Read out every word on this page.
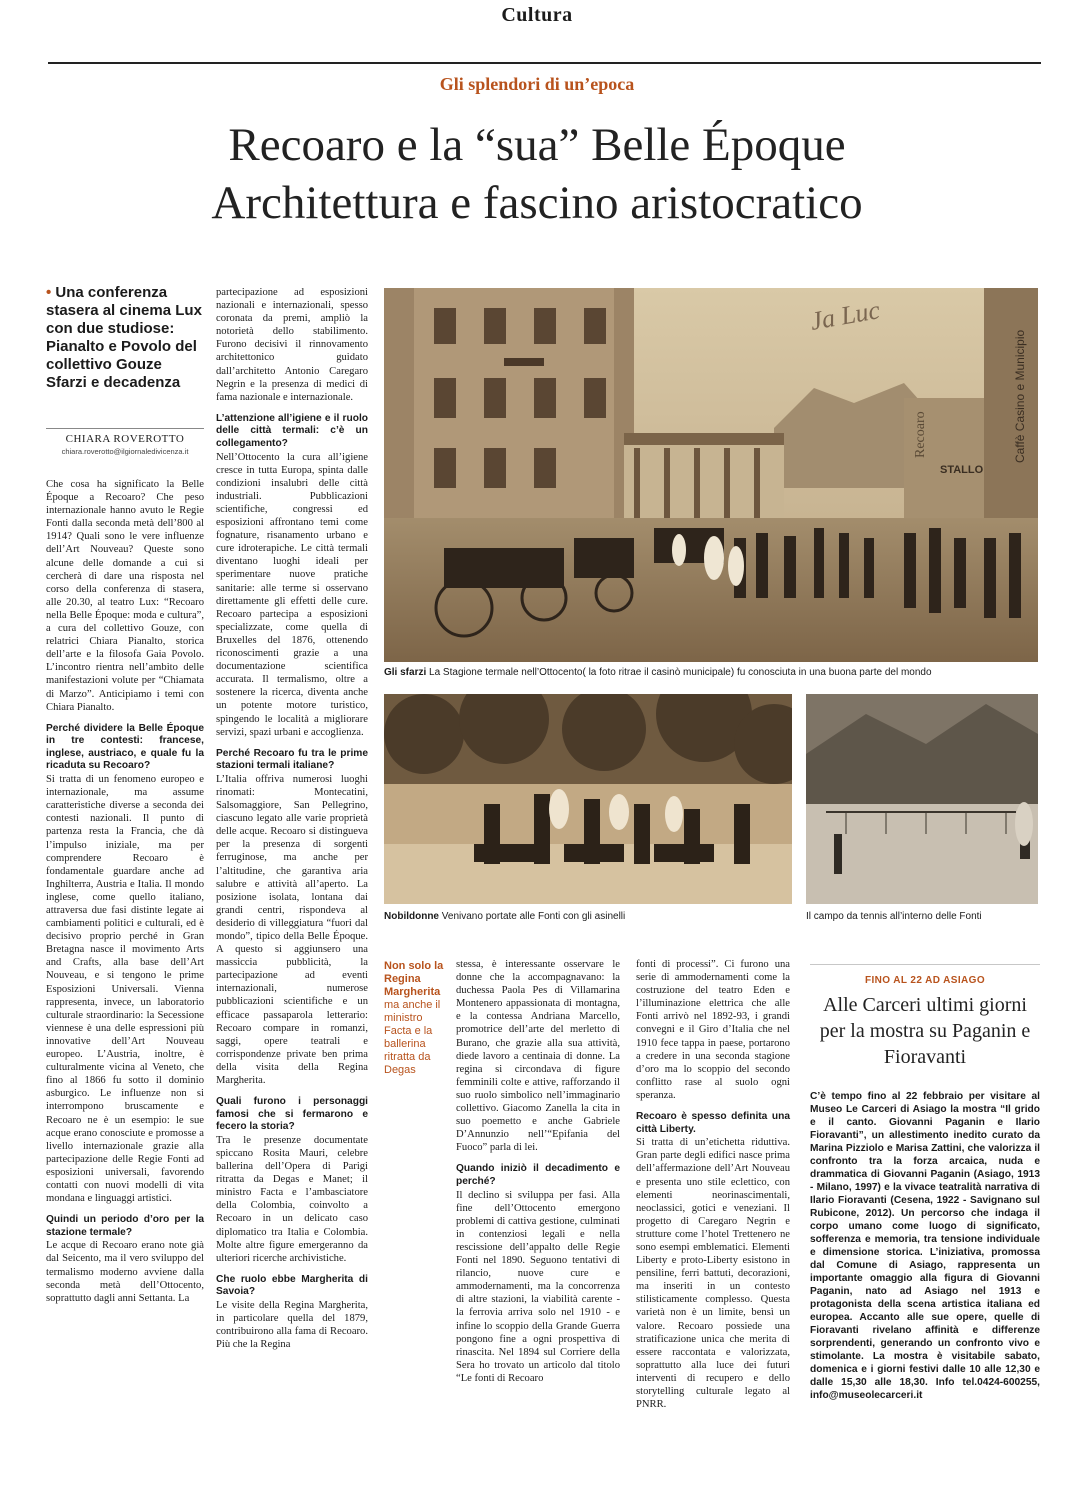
Cultura
Gli splendori di un’epoca
Recoaro e la “sua” Belle Époque
Architettura e fascino aristocratico
• Una conferenza stasera al cinema Lux con due studiose: Pianalto e Povolo del collettivo Gouze Sfarzi e decadenza
CHIARA ROVEROTTO
chiara.roverotto@ilgiornaledivicenza.it

Che cosa ha significato la Belle Époque a Recoaro? Che peso internazionale hanno avuto le Regie Fonti dalla seconda metà dell’800 al 1914? Quali sono le vere influenze dell’Art Nouveau? Queste sono alcune delle domande a cui si cercherà di dare una risposta nel corso della conferenza di stasera, alle 20.30, al teatro Lux: “Recoaro nella Belle Époque: moda e cultura”, a cura del collettivo Gouze, con relatrici Chiara Pianalto, storica dell’arte e la filosofa Gaia Povolo. L’incontro rientra nell’ambito delle manifestazioni volute per “Chiamata di Marzo”. Anticipiamo i temi con Chiara Pianalto.

Perché dividere la Belle Époque in tre contesti: francese, inglese, austriaco, e quale fu la ricaduta su Recoaro?

Si tratta di un fenomeno europeo e internazionale, ma assume caratteristiche diverse a seconda dei contesti nazionali. Il punto di partenza resta la Francia, che dà l’impulso iniziale, ma per comprendere Recoaro è fondamentale guardare anche ad Inghilterra, Austria e Italia. Il mondo inglese, come quello italiano, attraversa due fasi distinte legate ai cambiamenti politici e culturali, ed è decisivo proprio perché in Gran Bretagna nasce il movimento Arts and Crafts, alla base dell’Art Nouveau, e si tengono le prime Esposizioni Universali. Vienna rappresenta, invece, un laboratorio culturale straordinario: la Secessione viennese è una delle espressioni più innovative dell’Art Nouveau europeo. L’Austria, inoltre, è culturalmente vicina al Veneto, che fino al 1866 fu sotto il dominio asburgico. Le influenze non si interrompono bruscamente e Recoaro ne è un esempio: le sue acque erano conosciute e promosse a livello internazionale grazie alla partecipazione delle Regie Fonti ad esposizioni universali, favorendo contatti con nuovi modelli di vita mondana e linguaggi artistici.

Quindi un periodo d’oro per la stazione termale?

Le acque di Recoaro erano note già dal Seicento, ma il vero sviluppo del termalismo moderno avviene dalla seconda metà dell’Ottocento, soprattutto dagli anni Settanta. La

partecipazione ad esposizioni nazionali e internazionali, spesso coronata da premi, ampliò la notorietà dello stabilimento. Furono decisivi il rinnovamento architettonico guidato dall’architetto Antonio Caregaro Negrin e la presenza di medici di fama nazionale e internazionale.

L’attenzione all’igiene e il ruolo delle città termali: c’è un collegamento?

Nell’Ottocento la cura all’igiene cresce in tutta Europa, spinta dalle condizioni insalubri delle città industriali. Pubblicazioni scientifiche, congressi ed esposizioni affrontano temi come fognature, risanamento urbano e cure idroterapiche. Le città termali diventano luoghi ideali per sperimentare nuove pratiche sanitarie: alle terme si osservano direttamente gli effetti delle cure. Recoaro partecipa a esposizioni specializzate, come quella di Bruxelles del 1876, ottenendo riconoscimenti grazie a una documentazione scientifica accurata. Il termalismo, oltre a sostenere la ricerca, diventa anche un potente motore turistico, spingendo le località a migliorare servizi, spazi urbani e accoglienza.

Perché Recoaro fu tra le prime stazioni termali italiane?

L’Italia offriva numerosi luoghi rinomati: Montecatini, Salsomaggiore, San Pellegrino, ciascuno legato alle varie proprietà delle acque. Recoaro si distingueva per la presenza di sorgenti ferruginose, ma anche per l’altitudine, che garantiva aria salubre e attività all’aperto. La posizione isolata, lontana dai grandi centri, rispondeva al desiderio di villeggiatura “fuori dal mondo”, tipico della Belle Époque. A questo si aggiunsero una massiccia pubblicità, la partecipazione ad eventi internazionali, numerose pubblicazioni scientifiche e un efficace passaparola letterario: Recoaro compare in romanzi, saggi, opere teatrali e corrispondenze private ben prima della visita della Regina Margherita.

Quali furono i personaggi famosi che si fermarono e fecero la storia?

Tra le presenze documentate spiccano Rosita Mauri, celebre ballerina dell’Opera di Parigi ritratta da Degas e Manet; il ministro Facta e l’ambasciatore della Colombia, coinvolto a Recoaro in un delicato caso diplomatico tra Italia e Colombia. Molte altre figure emergeranno da ulteriori ricerche archivistiche.

Che ruolo ebbe Margherita di Savoia?

Le visite della Regina Margherita, in particolare quella del 1879, contribuirono alla fama di Recoaro. Più che la Regina

Recoaro
Ja Luc
Caffè Casino e Municipio
STALLO
Gli sfarzi La Stagione termale nell’Ottocento( la foto ritrae il casinò municipale) fu conosciuta in una buona parte del mondo
Nobildonne Venivano portate alle Fonti con gli asinelli	Il campo da tennis all’interno delle Fonti
Non solo la Regina Margherita
ma anche il ministro Facta e la ballerina ritratta da Degas

stessa, è interessante osservare le donne che la accompagnavano: la duchessa Paola Pes di Villamarina Montenero appassionata di montagna, e la contessa Andriana Marcello, promotrice dell’arte del merletto di Burano, che grazie alla sua attività, diede lavoro a centinaia di donne. La regina si circondava di figure femminili colte e attive, rafforzando il suo ruolo simbolico nell’immaginario collettivo. Giacomo Zanella la cita in suo poemetto e anche Gabriele D’Annunzio nell’“Epifania del Fuoco” parla di lei.

Quando iniziò il decadimento e perché?

Il declino si sviluppa per fasi. Alla fine dell’Ottocento emergono problemi di cattiva gestione, culminati in contenziosi legali e nella rescissione dell’appalto delle Regie Fonti nel 1890. Seguono tentativi di rilancio, nuove cure e ammodernamenti, ma la concorrenza di altre stazioni, la viabilità carente - la ferrovia arriva solo nel 1910 - e infine lo scoppio della Grande Guerra pongono fine a ogni prospettiva di rinascita. Nel 1894 sul Corriere della Sera ho trovato un articolo dal titolo “Le fonti di Recoaro

fonti di processi”. Ci furono una serie di ammodernamenti come la costruzione del teatro Eden e l’illuminazione elettrica che alle Fonti arrivò nel 1892-93, i grandi convegni e il Giro d’Italia che nel 1910 fece tappa in paese, portarono a credere in una seconda stagione d’oro ma lo scoppio del secondo conflitto rase al suolo ogni speranza.

Recoaro è spesso definita una città Liberty.

Si tratta di un’etichetta riduttiva. Gran parte degli edifici nasce prima dell’affermazione dell’Art Nouveau e presenta uno stile eclettico, con elementi neorinascimentali, neoclassici, gotici e veneziani. Il progetto di Caregaro Negrin e strutture come l’hotel Trettenero ne sono esempi emblematici. Elementi Liberty e proto-Liberty esistono in pensiline, ferri battuti, decorazioni, ma inseriti in un contesto stilisticamente complesso. Questa varietà non è un limite, bensì un valore. Recoaro possiede una stratificazione unica che merita di essere raccontata e valorizzata, soprattutto alla luce dei futuri interventi di recupero e dello storytelling culturale legato al PNRR.

FINO AL 22 AD ASIAGO
Alle Carceri ultimi giorni per la mostra su Paganin e Fioravanti
C’è tempo fino al 22 febbraio per visitare al Museo Le Carceri di Asiago la mostra “Il grido e il canto. Giovanni Paganin e Ilario Fioravanti”, un allestimento inedito curato da Marina Pizziolo e Marisa Zattini, che valorizza il confronto tra la forza arcaica, nuda e drammatica di Giovanni Paganin (Asiago, 1913 - Milano, 1997) e la vivace teatralità narrativa di Ilario Fioravanti (Cesena, 1922 - Savignano sul Rubicone, 2012). Un percorso che indaga il corpo umano come luogo di significato, sofferenza e memoria, tra tensione individuale e dimensione storica. L’iniziativa, promossa dal Comune di Asiago, rappresenta un importante omaggio alla figura di Giovanni Paganin, nato ad Asiago nel 1913 e protagonista della scena artistica italiana ed europea. Accanto alle sue opere, quelle di Fioravanti rivelano affinità e differenze sorprendenti, generando un confronto vivo e stimolante. La mostra è visitabile sabato, domenica e i giorni festivi dalle 10 alle 12,30 e dalle 15,30 alle 18,30. Info tel.0424-600255, info@museolecarceri.it
